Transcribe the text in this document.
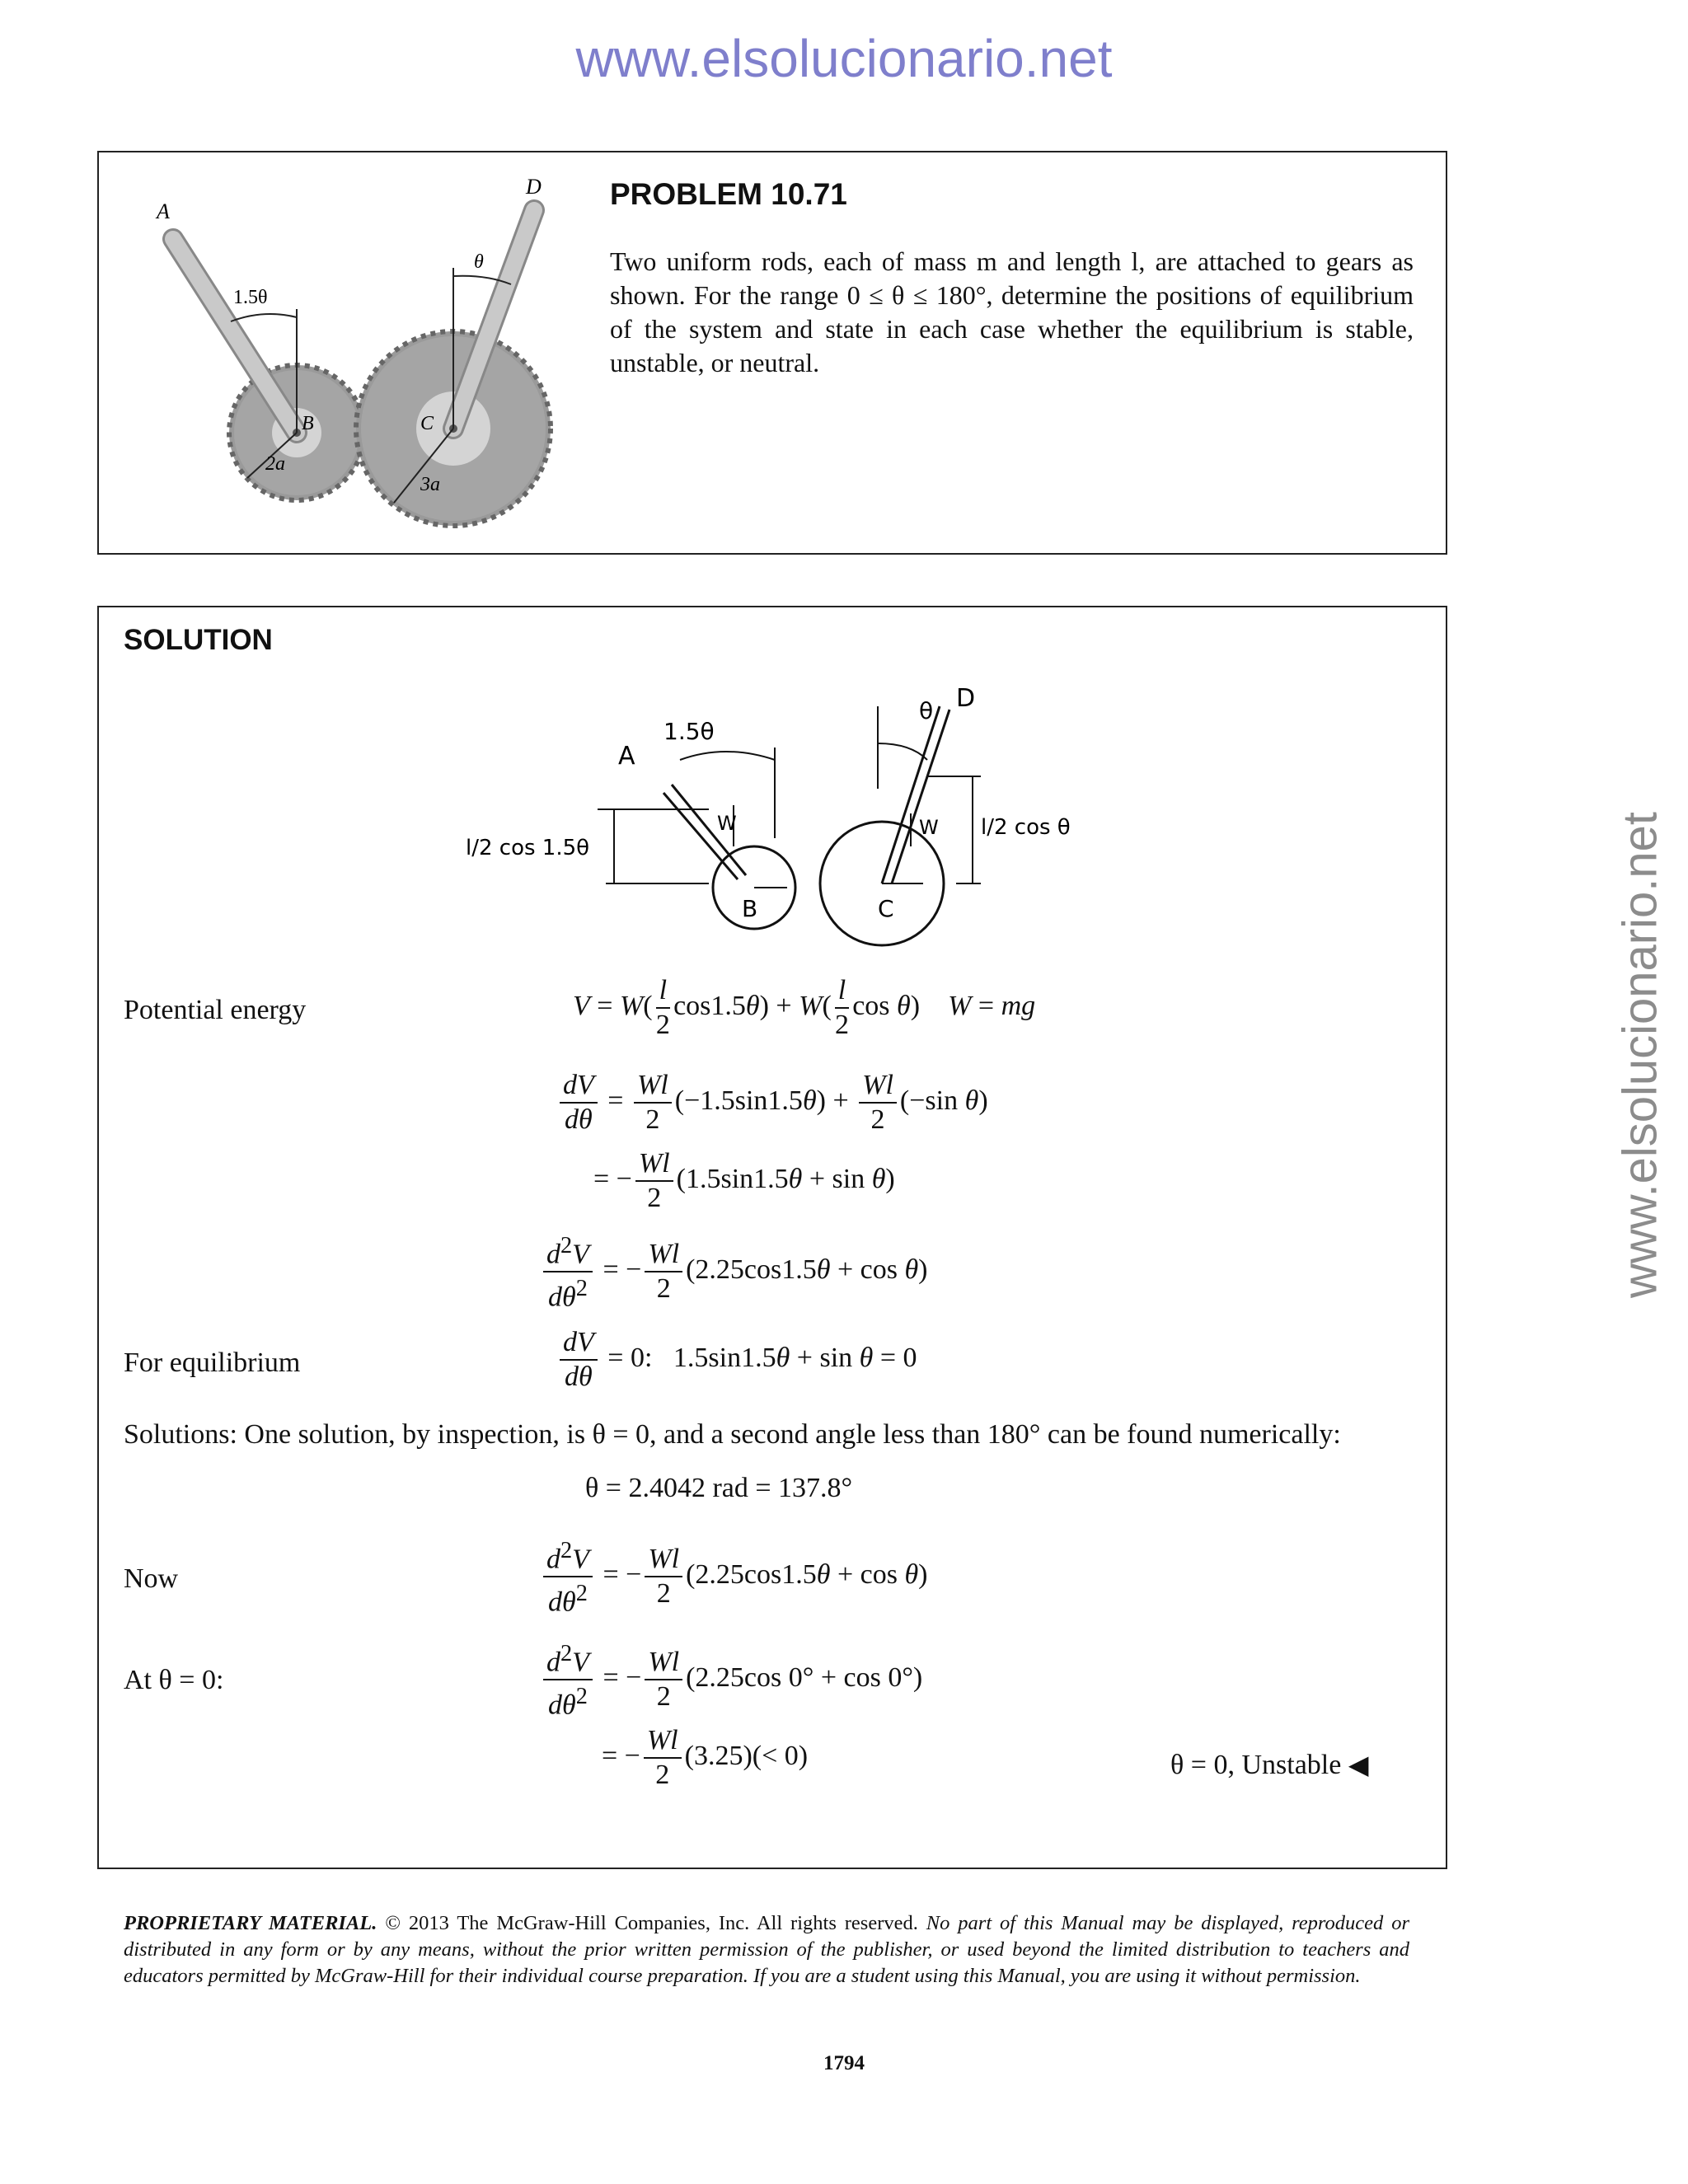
www.elsolucionario.net
www.elsolucionario.net
A
D
θ
1.5θ
B	C
2a
3a
PROBLEM 10.71
Two uniform rods, each of mass m and length l, are attached to gears as shown. For the range 0 ≤ θ ≤ 180°, determine the positions of equilibrium of the system and state in each case whether the equilibrium is stable, unstable, or neutral.
SOLUTION
A
D
B	C
W	W
1.5θ
θ
l/2 cos 1.5θ
l/2 cos θ
Potential energy	$V = W( \frac{l}{2} \cos 1.5\theta) + W( \frac{l}{2}$ cos θ)    W = mg
$\frac{dV}{d\theta} = \frac{Wl}{2} (-1.5\sin 1.5\theta) + \frac{Wl}{2} (-\sin$ θ)
= − $\frac{Wl}{2} (1.5\sin 1.5\theta + \sin \theta)$
$\frac{d^2V}{d\theta^2}$ = − $\frac{Wl}{2} (2.25\cos 1.5\theta + \cos \theta)$
For equilibrium	$\frac{dV}{d\theta} = 0$:   1.5sin1.5θ + sin θ = 0
Solutions: One solution, by inspection, is θ = 0, and a second angle less than 180° can be found numerically:
θ = 2.4042 rad = 137.8°
Now	$\frac{d^2V}{d\theta^2}$ = − $\frac{Wl}{2} (2.25\cos 1.5\theta + \cos \theta)$
At θ = 0:	$\frac{d^2V}{d\theta^2}$ = − $\frac{Wl}{2} (2.25\cos$ 0° + cos 0°)
= − $\frac{Wl}{2} (3.25)(< 0)$	θ = 0, Unstable ◀
PROPRIETARY MATERIAL. © 2013 The McGraw-Hill Companies, Inc. All rights reserved. No part of this Manual may be displayed, reproduced or distributed in any form or by any means, without the prior written permission of the publisher, or used beyond the limited distribution to teachers and educators permitted by McGraw-Hill for their individual course preparation. If you are a student using this Manual, you are using it without permission.
1794
